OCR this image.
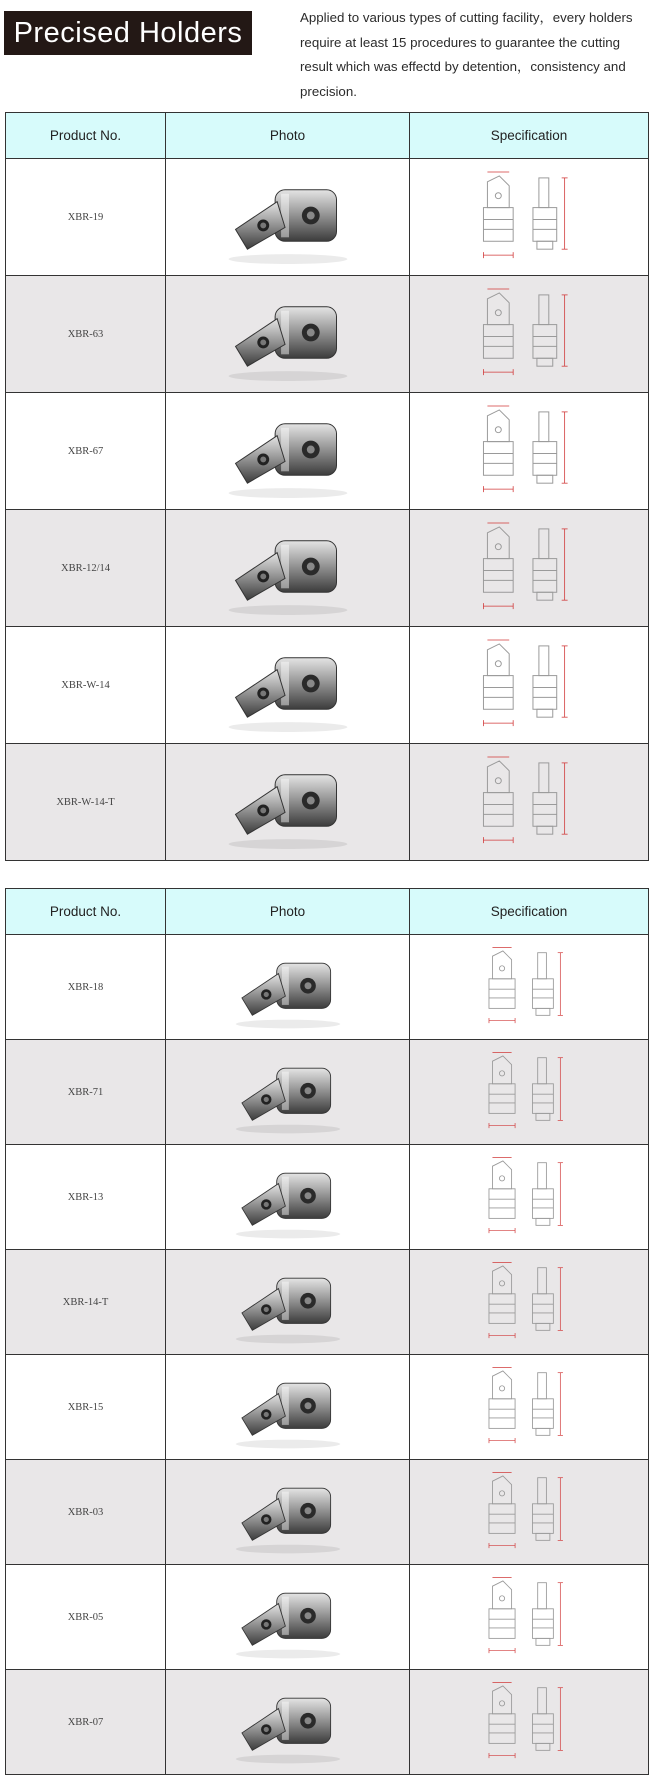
Precised Holders	Applied to various types of cutting facility，every holders require at least 15 procedures to guarantee the cutting result which was effectd by detention，consistency and precision.

Product No.	Photo	Specification
XBR-19	

XBR-63	

XBR-67	

XBR-12/14	

XBR-W-14	

XBR-W-14-T	

Product No.	Photo	Specification
XBR-18	

XBR-71	

XBR-13	

XBR-14-T	

XBR-15	

XBR-03	

XBR-05	

XBR-07	
